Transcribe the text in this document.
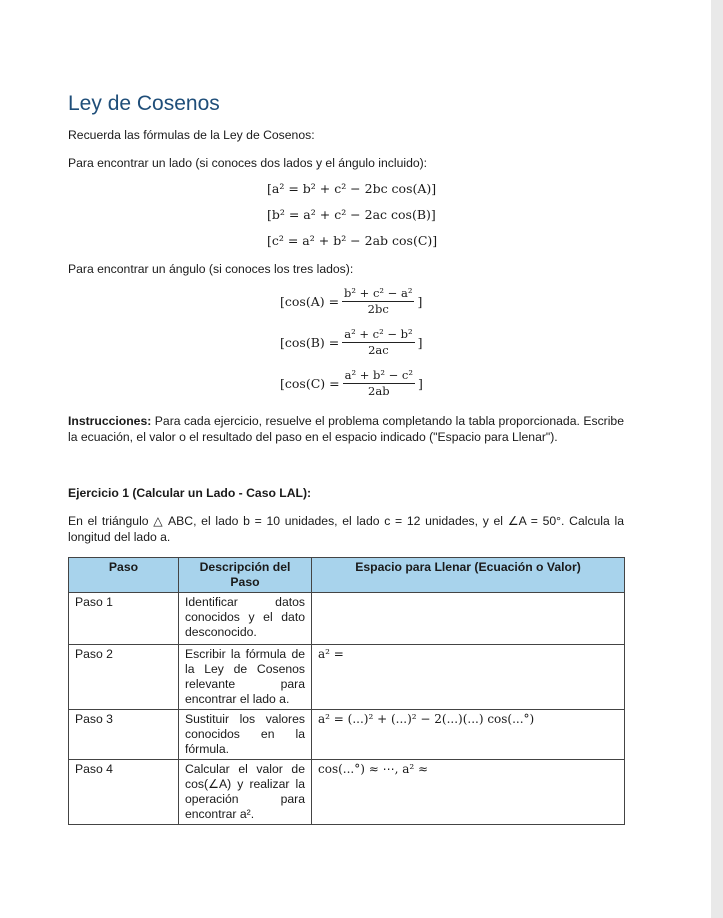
Ley de Cosenos
Recuerda las fórmulas de la Ley de Cosenos:
Para encontrar un lado (si conoces dos lados y el ángulo incluido):
[a² = b² + c² − 2bc cos(A)]
[b² = a² + c² − 2ac cos(B)]
[c² = a² + b² − 2ab cos(C)]
Para encontrar un ángulo (si conoces los tres lados):
[$\cos(A) = \frac{\text{b² + c² − a²}}{2bc}$ ]
[$\cos(B) = \frac{\text{a² + c² − b²}}{2ac}$ ]
[$\cos(C) = \frac{\text{a² + b² − c²}}{2ab}$ ]
Instrucciones: Para cada ejercicio, resuelve el problema completando la tabla proporcionada. Escribe la ecuación, el valor o el resultado del paso en el espacio indicado ("Espacio para Llenar").
Ejercicio 1 (Calcular un Lado - Caso LAL):
En el triángulo △ ABC, el lado b = 10 unidades, el lado c = 12 unidades, y el ∠A = 50°. Calcula la longitud del lado a.
Paso	Descripción del Paso	Espacio para Llenar (Ecuación o Valor)
Paso 1	Identificar datos conocidos y el dato desconocido.	
Paso 2	Escribir la fórmula de la Ley de Cosenos relevante para encontrar el lado a.	a² =
Paso 3	Sustituir los valores conocidos en la fórmula.	a² = (...)² + (...)² − 2(...)(...) cos(...°)
Paso 4	Calcular el valor de cos(∠A) y realizar la operación para encontrar a².	cos(...°) ≈ ⋯, a² ≈
